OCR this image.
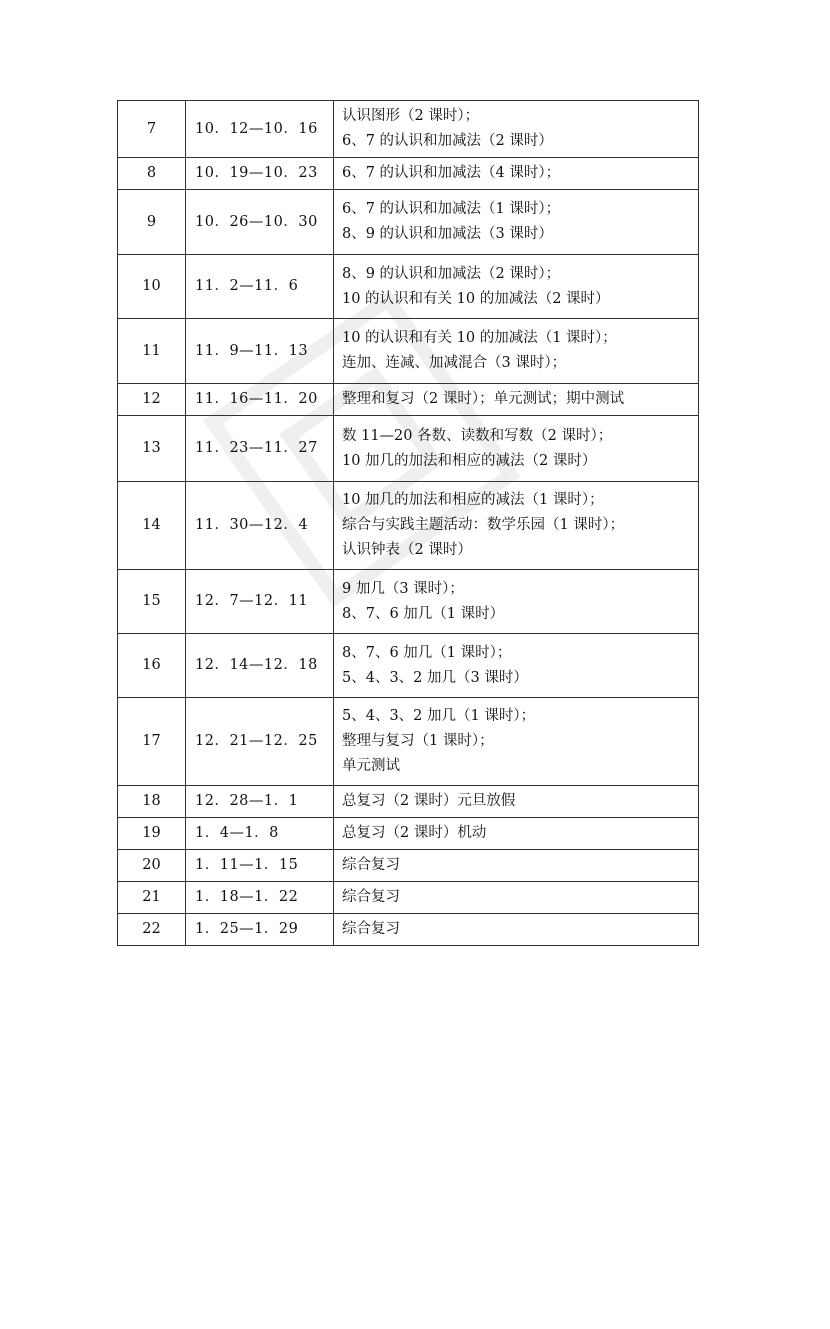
7	10．12—10．16	认识图形（2 课时）；
6、7 的认识和加减法（2 课时）

8	10．19—10．23	6、7 的认识和加减法（4 课时）；

9	10．26—10．30	6、7 的认识和加减法（1 课时）；
8、9 的认识和加减法（3 课时）

10	11．2—11．6	8、9 的认识和加减法（2 课时）；
10 的认识和有关 10 的加减法（2 课时）

11	11．9—11．13	10 的认识和有关 10 的加减法（1 课时）；
连加、连减、加减混合（3 课时）；

12	11．16—11．20	整理和复习（2 课时）；单元测试；期中测试

13	11．23—11．27	数 11—20 各数、读数和写数（2 课时）；
10 加几的加法和相应的减法（2 课时）

14	11．30—12．4	10 加几的加法和相应的减法（1 课时）；
综合与实践主题活动：数学乐园（1 课时）；
认识钟表（2 课时）

15	12．7—12．11	9 加几（3 课时）；
8、7、6 加几（1 课时）

16	12．14—12．18	8、7、6 加几（1 课时）；
5、4、3、2 加几（3 课时）

17	12．21—12．25	5、4、3、2 加几（1 课时）；
整理与复习（1 课时）；
单元测试

18	12．28—1．1	总复习（2 课时）元旦放假

19	1．4—1．8	总复习（2 课时）机动

20	1．11—1．15	综合复习

21	1．18—1．22	综合复习

22	1．25—1．29	综合复习
